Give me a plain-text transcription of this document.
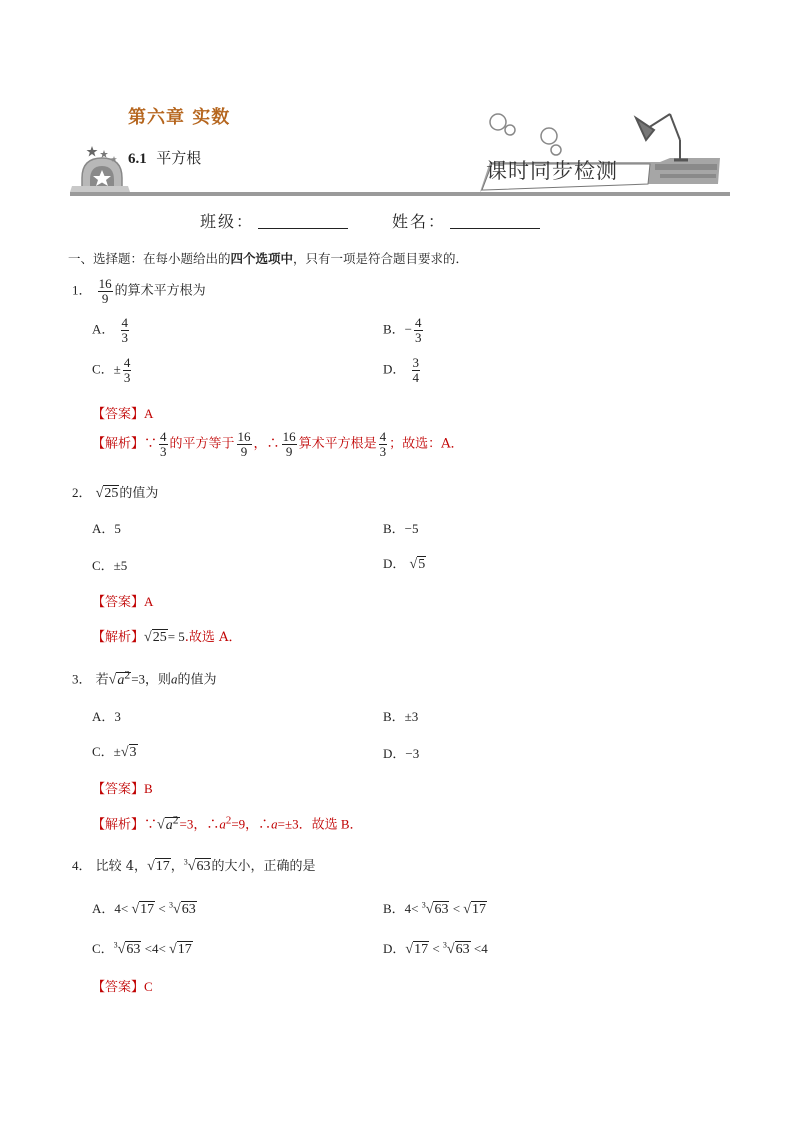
第六章 实数
6.1 平方根
课时同步检测
班级：	姓名：
一、选择题：在每小题给出的四个选项中，只有一项是符合题目要求的．
1． $\frac{16}{9}$ 的算术平方根为
A． $\frac{4}{3}$	B．− $\frac{4}{3}$
C．± $\frac{4}{3}$	D． $\frac{3}{4}$
【答案】A
【解析】∵ $\frac{4}{3}$ 的平方等于 $\frac{16}{9}$ ，∴ $\frac{16}{9}$ 算术平方根是 $\frac{4}{3}$ ；故选：A．
2． √25的值为
A．5	B．−5
C．±5	D． √5
【答案】A
【解析】√25= 5.故选 A．
3． 若$√a^2=3$，则a的值为
A．3	B．±3
C．±√3	D．−3
【答案】B
【解析】$\because√a^2=3$，$\therefore a^2=9$，∴a=±3．故选 B．
4． 比较 4，√17，$^3$√63的大小，正确的是
A．4< √17 < $^3$√63	B．4< $^3$√63 < √17
C．$^3$√63 <4< √17	D．√17 < $^3$√63 <4
【答案】C
